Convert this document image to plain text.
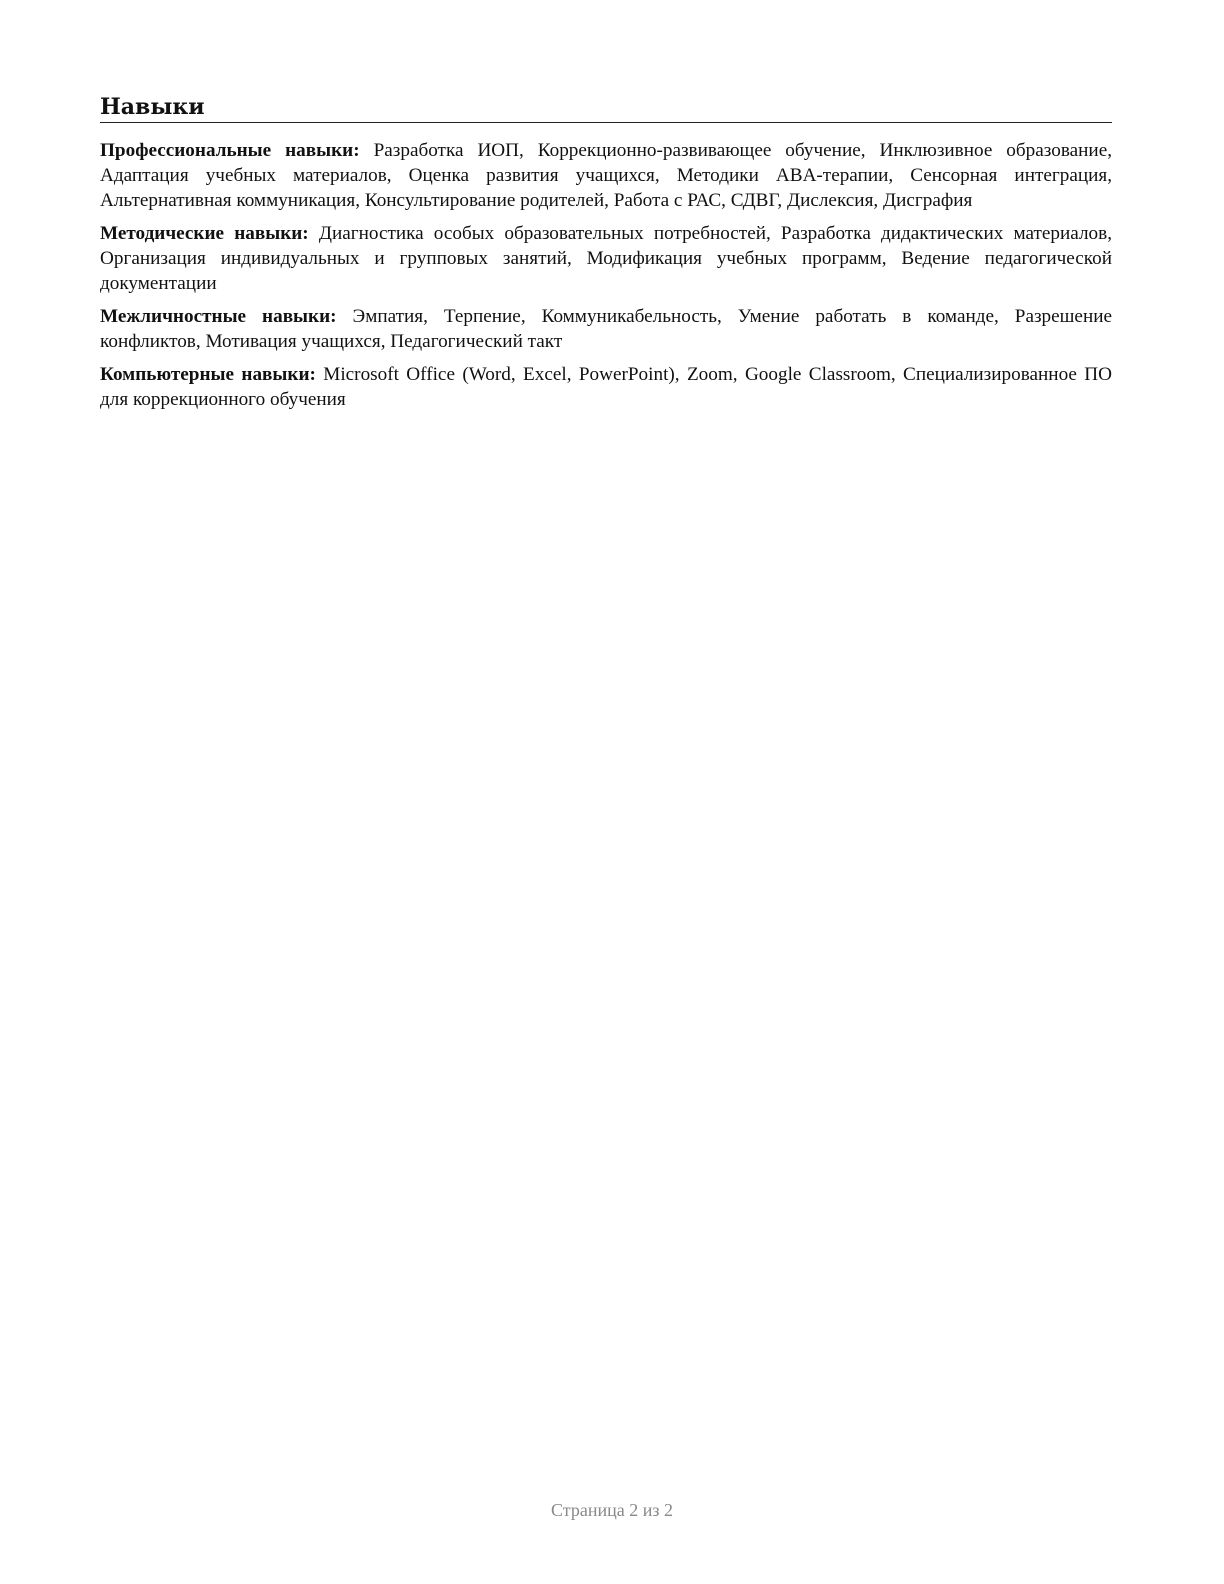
Навыки

Профессиональные навыки: Разработка ИОП, Коррекционно-развивающее обучение, Инклюзивное образование, Адаптация учебных материалов, Оценка развития учащихся, Методики ABA-терапии, Сенсорная интеграция, Альтернативная коммуникация, Консультирование родителей, Работа с РАС, СДВГ, Дислексия, Дисграфия

Методические навыки: Диагностика особых образовательных потребностей, Разработка дидактических материалов, Организация индивидуальных и групповых занятий, Модификация учебных программ, Ведение педагогической документации

Межличностные навыки: Эмпатия, Терпение, Коммуникабельность, Умение работать в команде, Разрешение конфликтов, Мотивация учащихся, Педагогический такт

Компьютерные навыки: Microsoft Office (Word, Excel, PowerPoint), Zoom, Google Classroom, Специализированное ПО для коррекционного обучения

Страница 2 из 2
